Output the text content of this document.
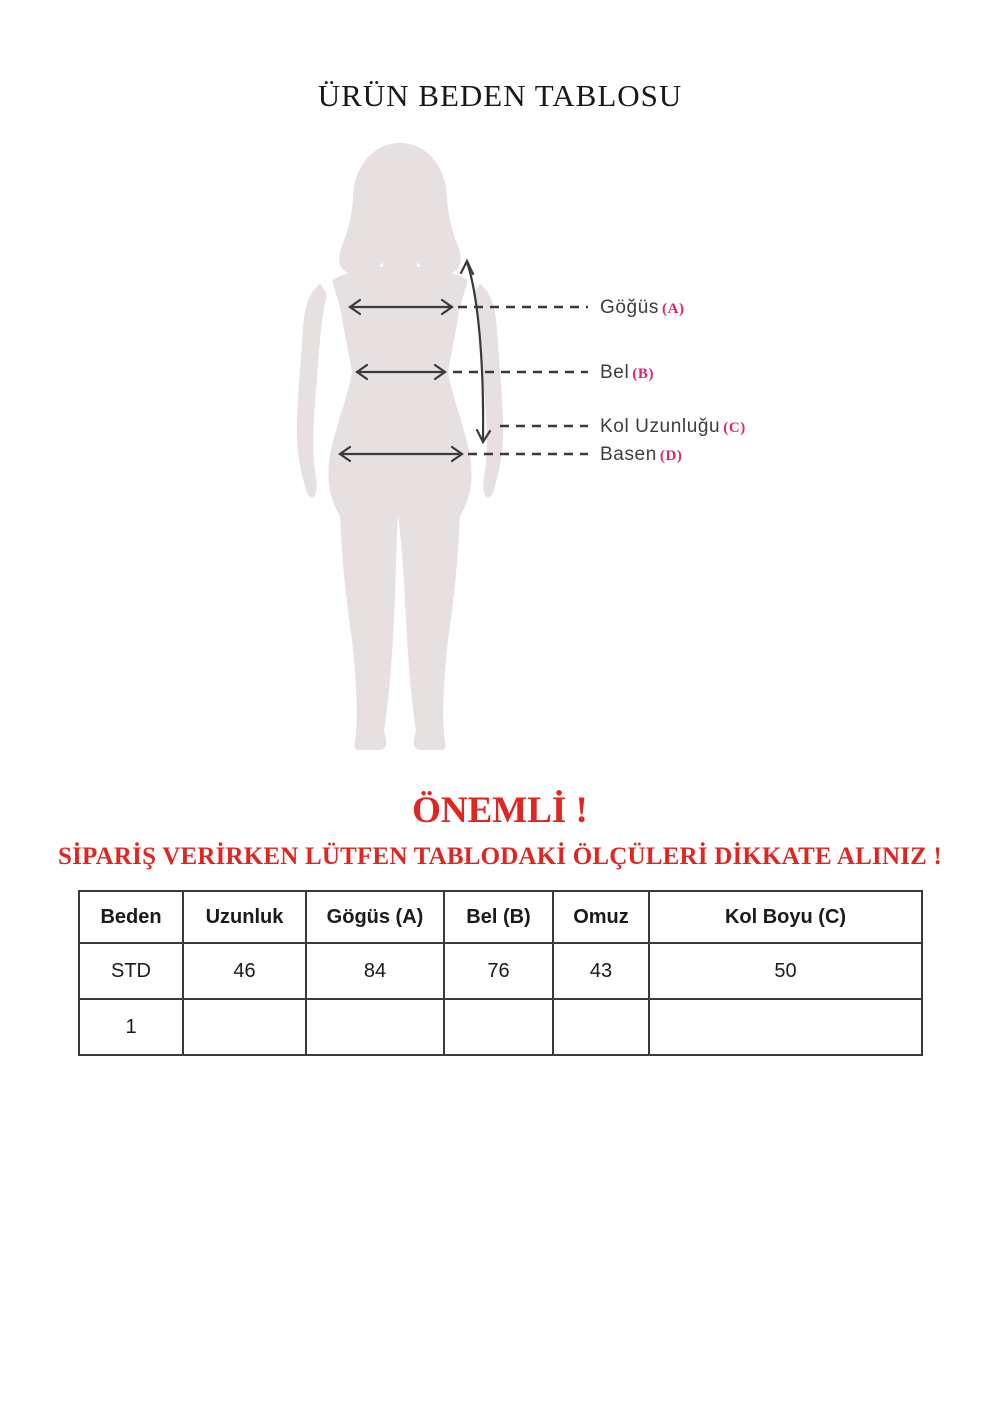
ÜRÜN BEDEN TABLOSU
Göğüs (A)
Bel (B)
Kol Uzunluğu (C)
Basen (D)
ÖNEMLİ !
SİPARİŞ VERİRKEN LÜTFEN TABLODAKİ ÖLÇÜLERİ DİKKATE ALINIZ !
Beden	Uzunluk	Gögüs (A)	Bel (B)	Omuz	Kol Boyu (C)
STD	46	84	76	43	50
1					
